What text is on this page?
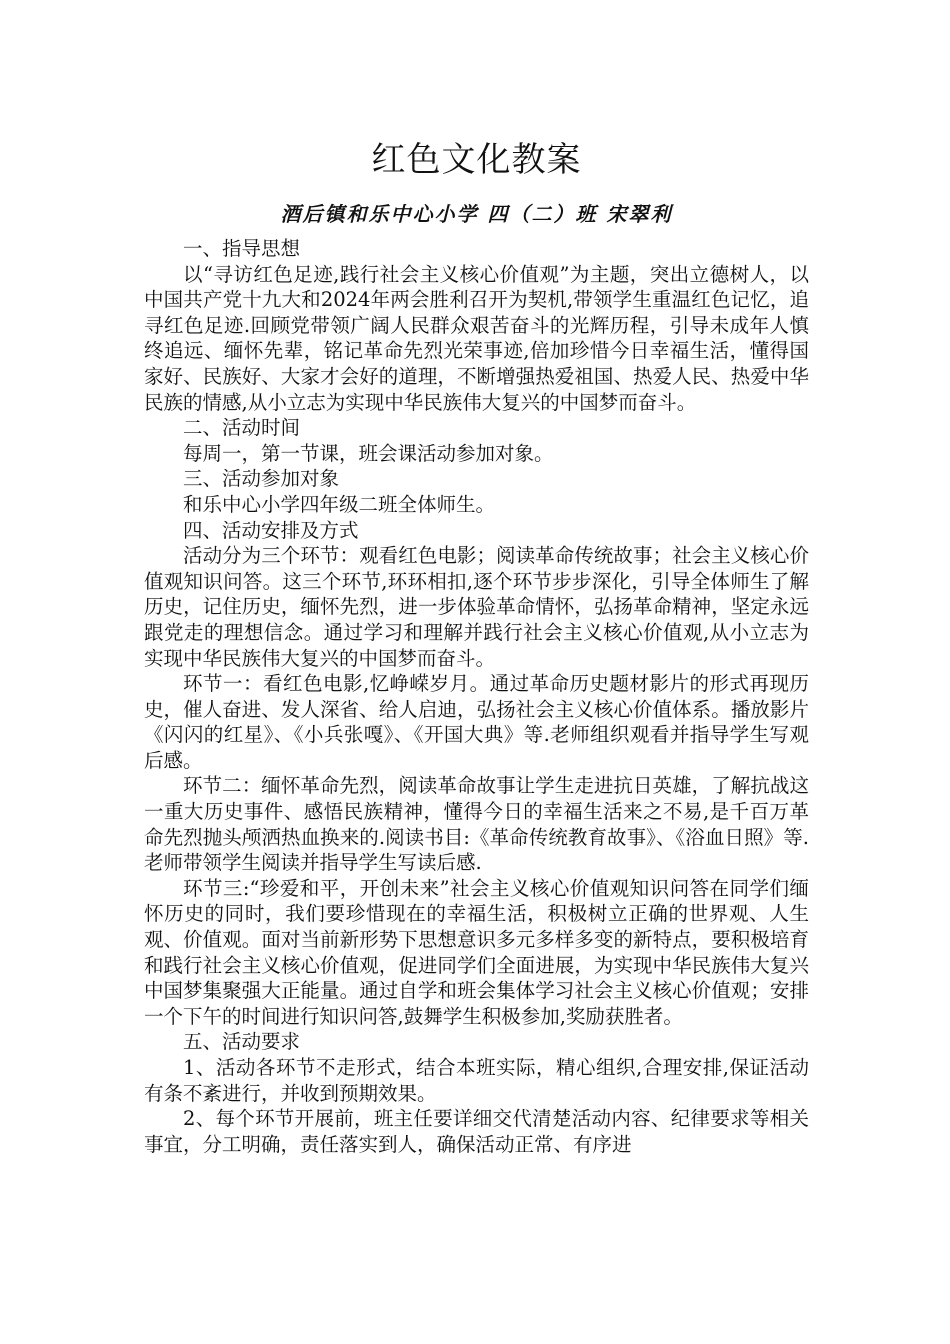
红色文化教案
酒后镇和乐中心小学 四（二）班 宋翠利

一、指导思想

以“寻访红色足迹,践行社会主义核心价值观”为主题，突出立德树人，以中国共产党十九大和2024年两会胜利召开为契机,带领学生重温红色记忆，追寻红色足迹.回顾党带领广阔人民群众艰苦奋斗的光辉历程，引导未成年人慎终追远、缅怀先辈，铭记革命先烈光荣事迹,倍加珍惜今日幸福生活，懂得国家好、民族好、大家才会好的道理，不断增强热爱祖国、热爱人民、热爱中华民族的情感,从小立志为实现中华民族伟大复兴的中国梦而奋斗。

二、活动时间

每周一，第一节课，班会课活动参加对象。

三、活动参加对象

和乐中心小学四年级二班全体师生。

四、活动安排及方式

活动分为三个环节：观看红色电影；阅读革命传统故事；社会主义核心价值观知识问答。这三个环节,环环相扣,逐个环节步步深化，引导全体师生了解历史，记住历史，缅怀先烈，进一步体验革命情怀，弘扬革命精神，坚定永远跟党走的理想信念。通过学习和理解并践行社会主义核心价值观,从小立志为实现中华民族伟大复兴的中国梦而奋斗。

环节一：看红色电影,忆峥嵘岁月。通过革命历史题材影片的形式再现历史，催人奋进、发人深省、给人启迪，弘扬社会主义核心价值体系。播放影片《闪闪的红星》、《小兵张嘎》、《开国大典》等.老师组织观看并指导学生写观后感。

环节二：缅怀革命先烈，阅读革命故事让学生走进抗日英雄，了解抗战这一重大历史事件、感悟民族精神，懂得今日的幸福生活来之不易,是千百万革命先烈抛头颅洒热血换来的.阅读书目:《革命传统教育故事》、《浴血日照》等.老师带领学生阅读并指导学生写读后感.

环节三:“珍爱和平，开创未来”社会主义核心价值观知识问答在同学们缅怀历史的同时，我们要珍惜现在的幸福生活，积极树立正确的世界观、人生观、价值观。面对当前新形势下思想意识多元多样多变的新特点，要积极培育和践行社会主义核心价值观，促进同学们全面进展，为实现中华民族伟大复兴中国梦集聚强大正能量。通过自学和班会集体学习社会主义核心价值观；安排一个下午的时间进行知识问答,鼓舞学生积极参加,奖励获胜者。

五、活动要求

1、活动各环节不走形式，结合本班实际，精心组织,合理安排,保证活动有条不紊进行，并收到预期效果。

2、每个环节开展前，班主任要详细交代清楚活动内容、纪律要求等相关事宜，分工明确，责任落实到人，确保活动正常、有序进
